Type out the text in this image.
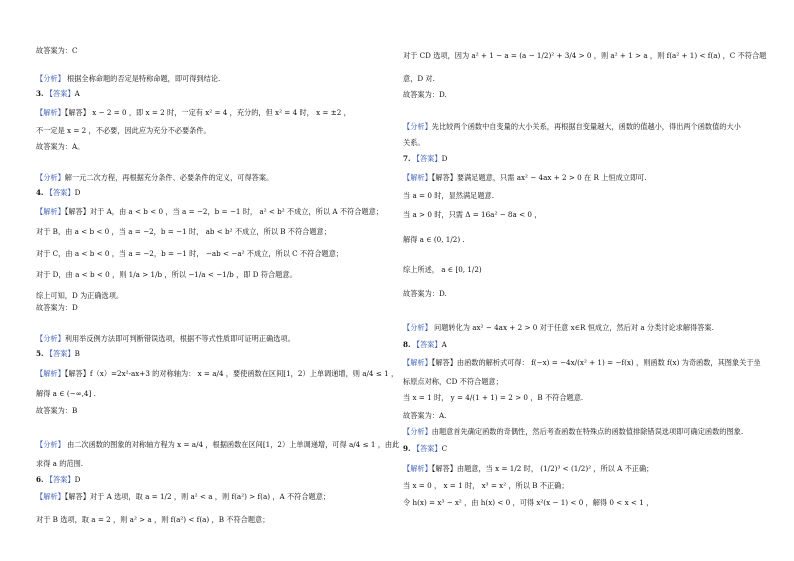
故答案为：C
【分析】 根据全称命题的否定是特称命题，即可得到结论.
3. 【答案】A
【解析】【解答】 x − 2 = 0 ，即 x = 2 时，一定有 x² = 4 ，充分的，但 x² = 4 时， x = ±2 ，
不一定是 x = 2 ，不必要，因此应为充分不必要条件。
故答案为：A。
【分析】解一元二次方程，再根据充分条件、必要条件的定义，可得答案。
4. 【答案】D
【解析】【解答】对于 A，由 a < b < 0 ，当 a = −2，b = −1 时， a² < b² 不成立，所以 A 不符合题意；
对于 B，由 a < b < 0 ，当 a = −2，b = −1 时， ab < b² 不成立，所以 B 不符合题意；
对于 C，由 a < b < 0 ，当 a = −2，b = −1 时， −ab < −a² 不成立，所以 C 不符合题意；
对于 D，由 a < b < 0 ，则 1/a > 1/b ，所以 −1/a < −1/b ，即 D 符合题意。
综上可知，D 为正确选项。
故答案为：D
【分析】利用举反例方法即可判断错误选项，根据不等式性质即可证明正确选项。
5. 【答案】B
【解析】【解答】f（x）=2x²-ax+3 的对称轴为： x = a/4 ，要使函数在区间[1，2）上单调递增，则 a/4 ≤ 1 ，
解得 a ∈ (−∞,4] .
故答案为：B
【分析】 由二次函数的图象的对称轴方程为 x = a/4 ，根据函数在区间[1，2）上单调递增，可得 a/4 ≤ 1 ，由此
求得 a 的范围.
6. 【答案】D
【解析】【解答】对于 A 选项，取 a = 1/2 ，则 a² < a ，则 f(a²) > f(a) ，A 不符合题意；
对于 B 选项，取 a = 2 ，则 a² > a ，则 f(a²) < f(a) ，B 不符合题意；
对于 CD 选项，因为 a² + 1 − a = (a − 1/2)² + 3/4 > 0 ，则 a² + 1 > a ，则 f(a² + 1) < f(a) ，C 不符合题
意，D 对.
故答案为：D.
【分析】先比较两个函数中自变量的大小关系，再根据自变量越大，函数的值越小，得出两个函数值的大小
关系。
7. 【答案】D
【解析】【解答】要满足题意，只需 ax² − 4ax + 2 > 0 在 R 上恒成立即可.
当 a = 0 时，显然满足题意.
当 a > 0 时，只需 Δ = 16a² − 8a < 0 ，
解得 a ∈ (0, 1/2) .
综上所述， a ∈ [0, 1/2)
故答案为：D.
【分析】 问题转化为 ax² − 4ax + 2 > 0 对于任意 x∈R 恒成立，然后对 a 分类讨论求解得答案.
8. 【答案】A
【解析】【解答】由函数的解析式可得： f(−x) = −4x/(x² + 1) = −f(x) ，则函数 f(x) 为奇函数，其图象关于坐
标原点对称，CD 不符合题意；
当 x = 1 时， y = 4/(1 + 1) = 2 > 0 ，B 不符合题意.
故答案为：A.
【分析】由题意首先确定函数的奇偶性，然后考查函数在特殊点的函数值排除错误选项即可确定函数的图象.
9. 【答案】C
【解析】【解答】由题意，当 x = 1/2 时， (1/2)³ < (1/2)² ，所以 A 不正确；
当 x = 0 ， x = 1 时， x³ = x² ，所以 B 不正确；
令 h(x) = x³ − x² ，由 h(x) < 0 ，可得 x²(x − 1) < 0 ，解得 0 < x < 1 ，
